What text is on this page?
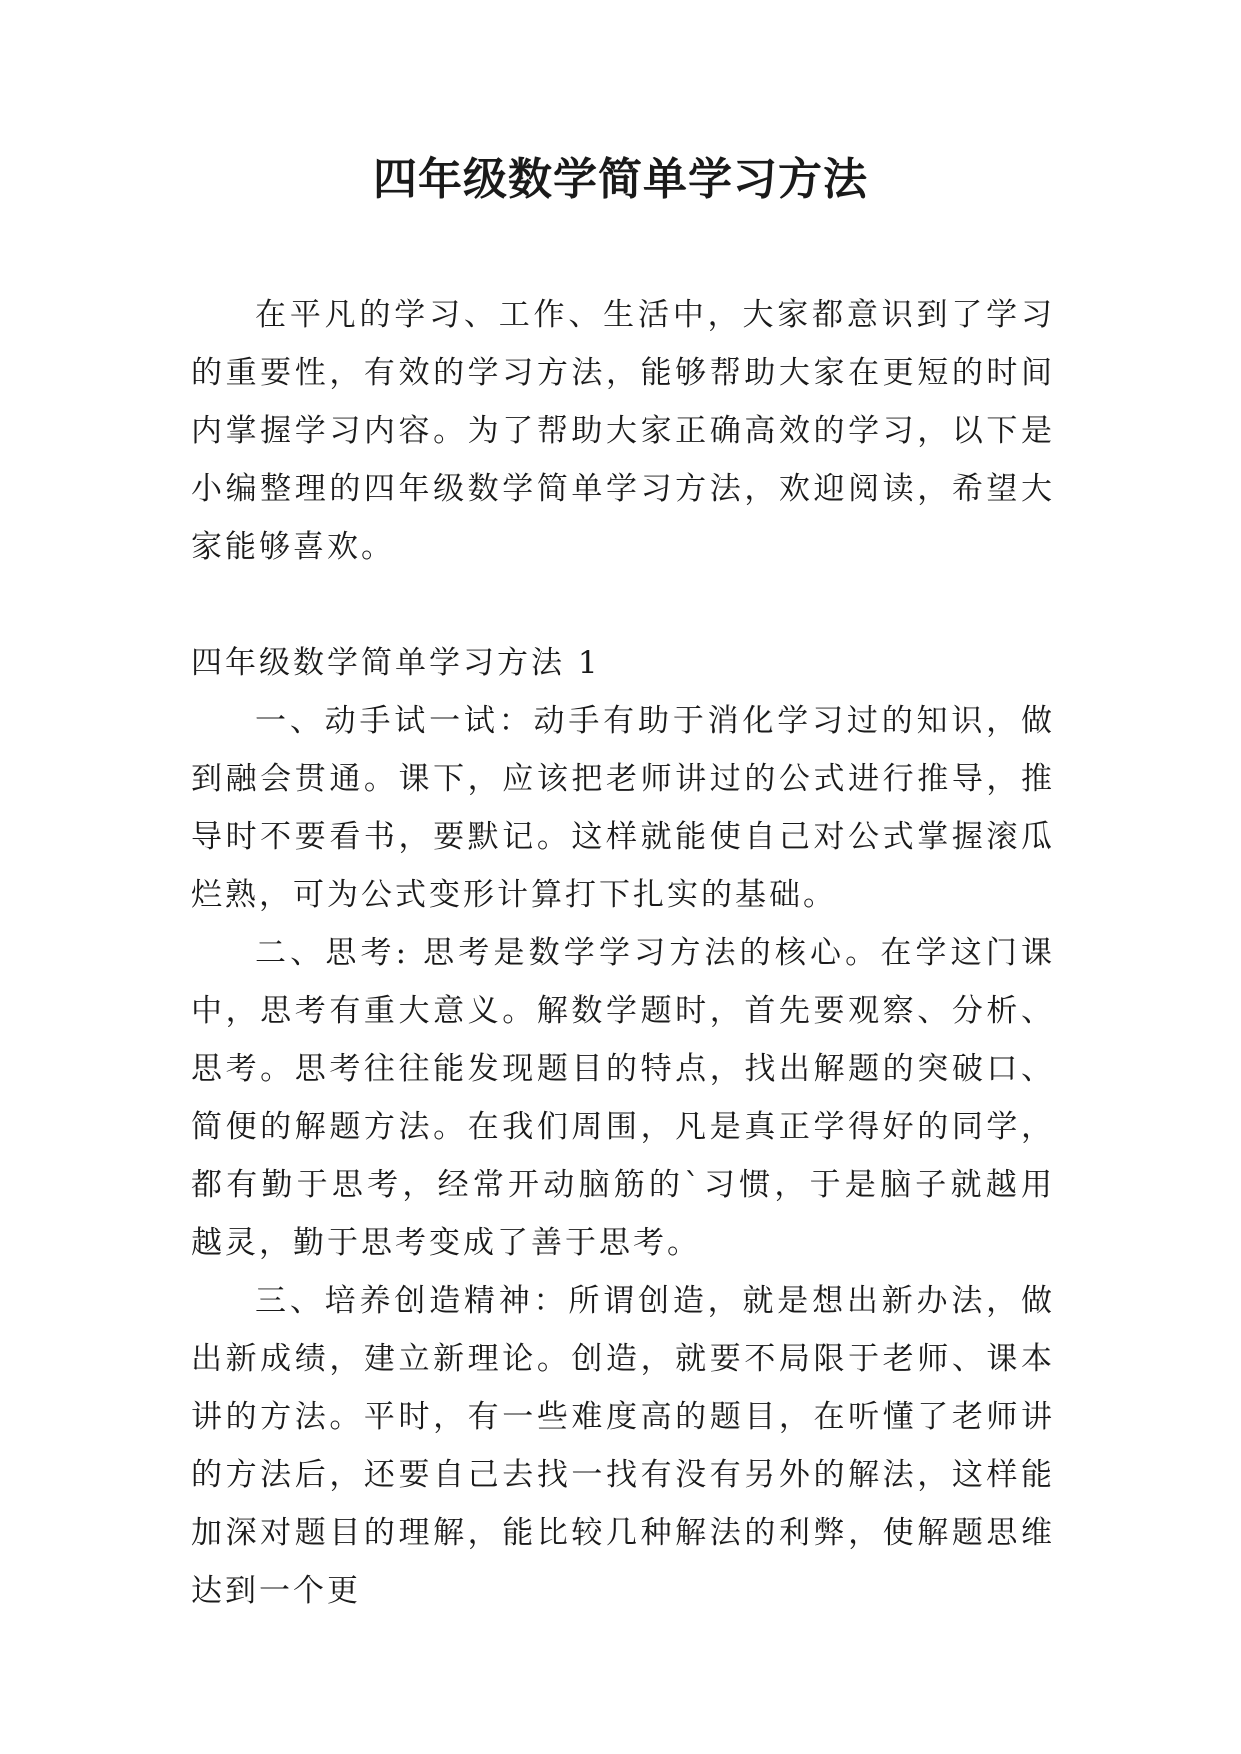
四年级数学简单学习方法

在平凡的学习、工作、生活中，大家都意识到了学习的重要性，有效的学习方法，能够帮助大家在更短的时间内掌握学习内容。为了帮助大家正确高效的学习，以下是小编整理的四年级数学简单学习方法，欢迎阅读，希望大家能够喜欢。

四年级数学简单学习方法 1

一、动手试一试：动手有助于消化学习过的知识，做到融会贯通。课下，应该把老师讲过的公式进行推导，推导时不要看书，要默记。这样就能使自己对公式掌握滚瓜烂熟，可为公式变形计算打下扎实的基础。

二、思考: 思考是数学学习方法的核心。在学这门课中，思考有重大意义。解数学题时，首先要观察、分析、思考。思考往往能发现题目的特点，找出解题的突破口、简便的解题方法。在我们周围，凡是真正学得好的同学，都有勤于思考，经常开动脑筋的`习惯，于是脑子就越用越灵，勤于思考变成了善于思考。

三、培养创造精神：所谓创造，就是想出新办法，做出新成绩，建立新理论。创造，就要不局限于老师、课本讲的方法。平时，有一些难度高的题目，在听懂了老师讲的方法后，还要自己去找一找有没有另外的解法，这样能加深对题目的理解，能比较几种解法的利弊，使解题思维达到一个更
